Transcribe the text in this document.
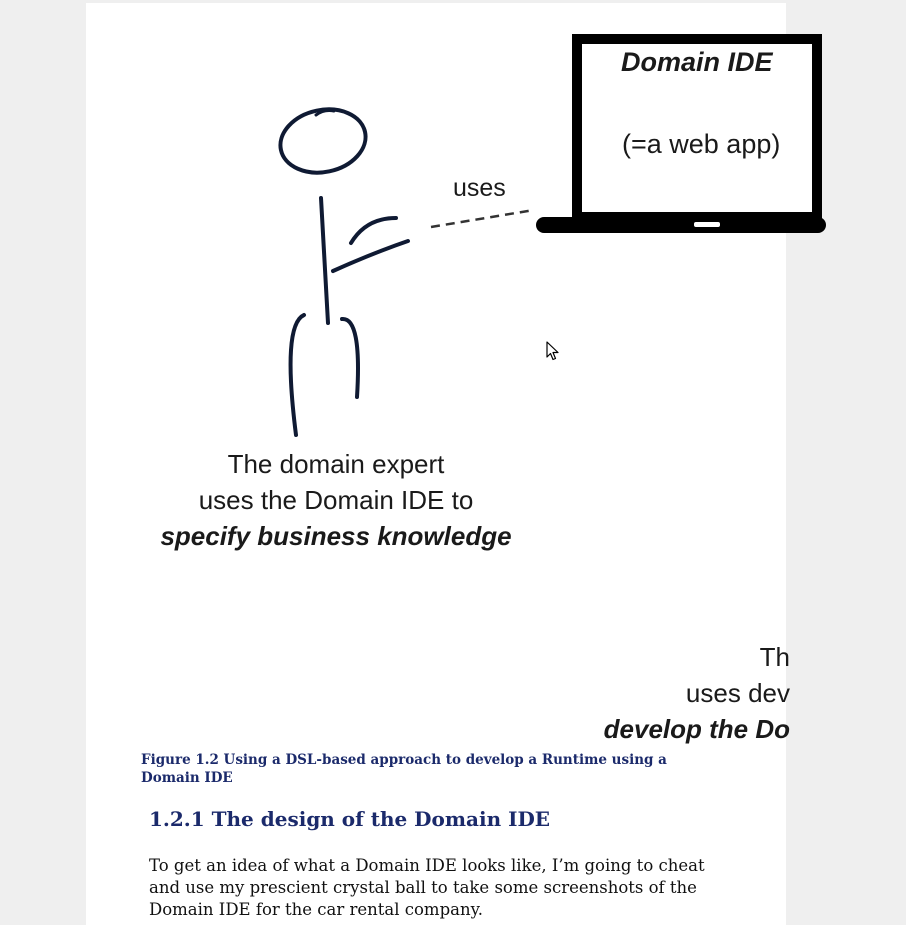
Domain IDE
(=a web app)
uses
The domain expert
uses the Domain IDE to
specify business knowledge
Th
uses dev
develop the Do
Figure 1.2 Using a DSL-based approach to develop a Runtime using a Domain IDE
1.2.1 The design of the Domain IDE

To get an idea of what a Domain IDE looks like, I’m going to cheat and use my prescient crystal ball to take some screenshots of the Domain IDE for the car rental company.
